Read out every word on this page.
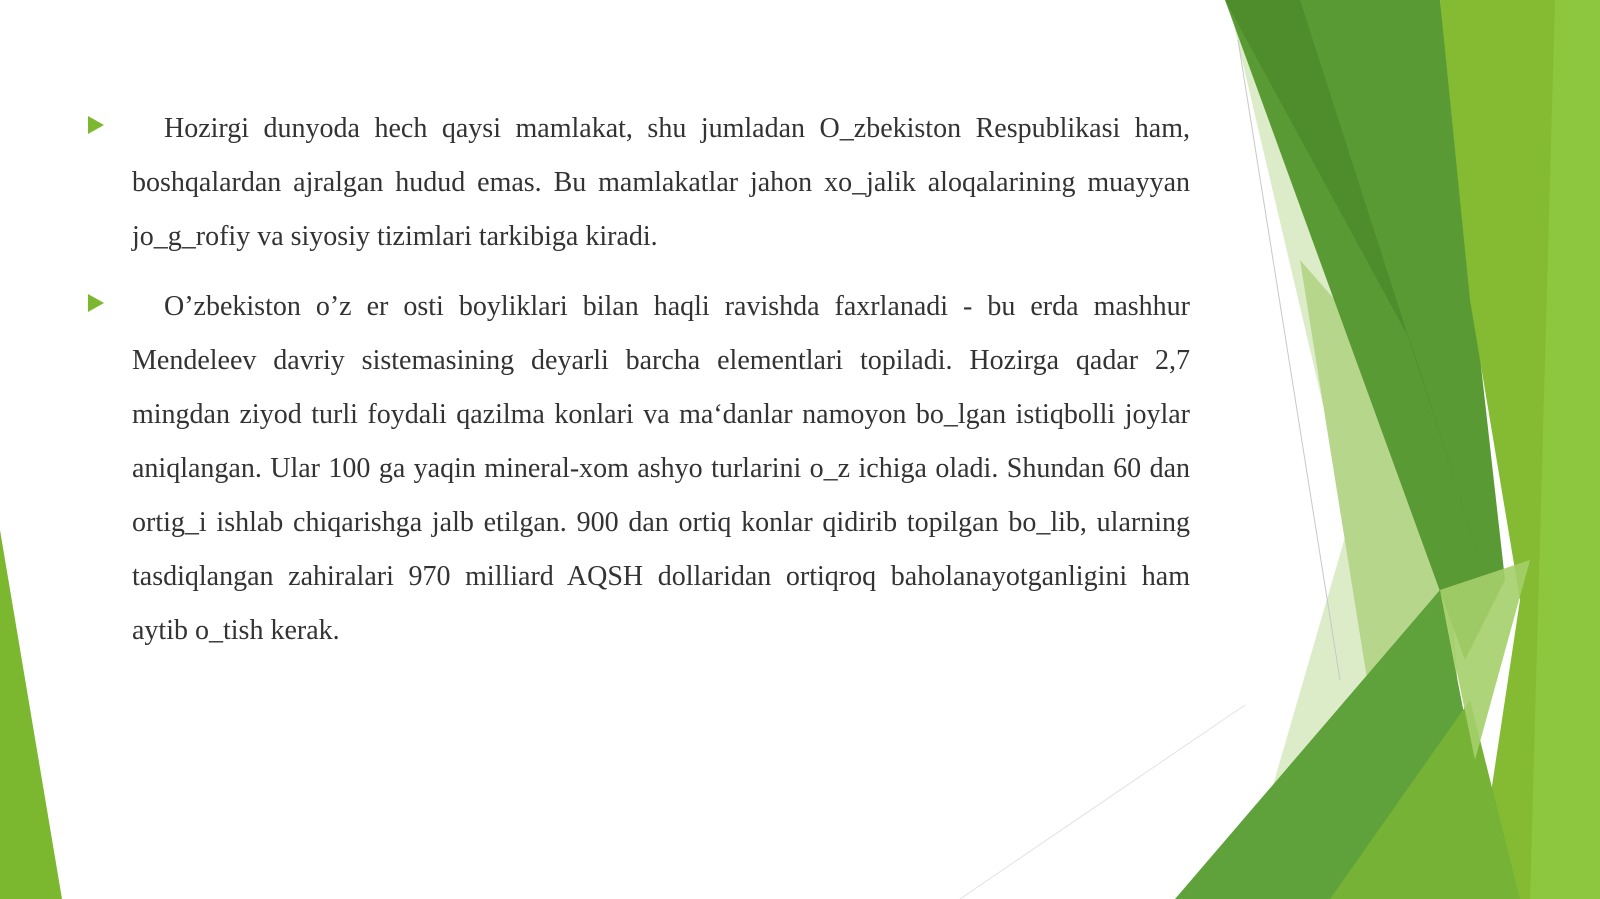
Hozirgi dunyoda hech qaysi mamlakat, shu jumladan O_zbekiston Respublikasi ham, boshqalardan ajralgan hudud emas. Bu mamlakatlar jahon xo_jalik aloqalarining muayyan jo_g_rofiy va siyosiy tizimlari tarkibiga kiradi.

O’zbekiston o’z er osti boyliklari bilan haqli ravishda faxrlanadi - bu erda mashhur Mendeleev davriy sistemasining deyarli barcha elementlari topiladi. Hozirga qadar 2,7 mingdan ziyod turli foydali qazilma konlari va ma‘danlar namoyon bo_lgan istiqbolli joylar aniqlangan. Ular 100 ga yaqin mineral-xom ashyo turlarini o_z ichiga oladi. Shundan 60 dan ortig_i ishlab chiqarishga jalb etilgan. 900 dan ortiq konlar qidirib topilgan bo_lib, ularning tasdiqlangan zahiralari 970 milliard AQSH dollaridan ortiqroq baholanayotganligini ham aytib o_tish kerak.
